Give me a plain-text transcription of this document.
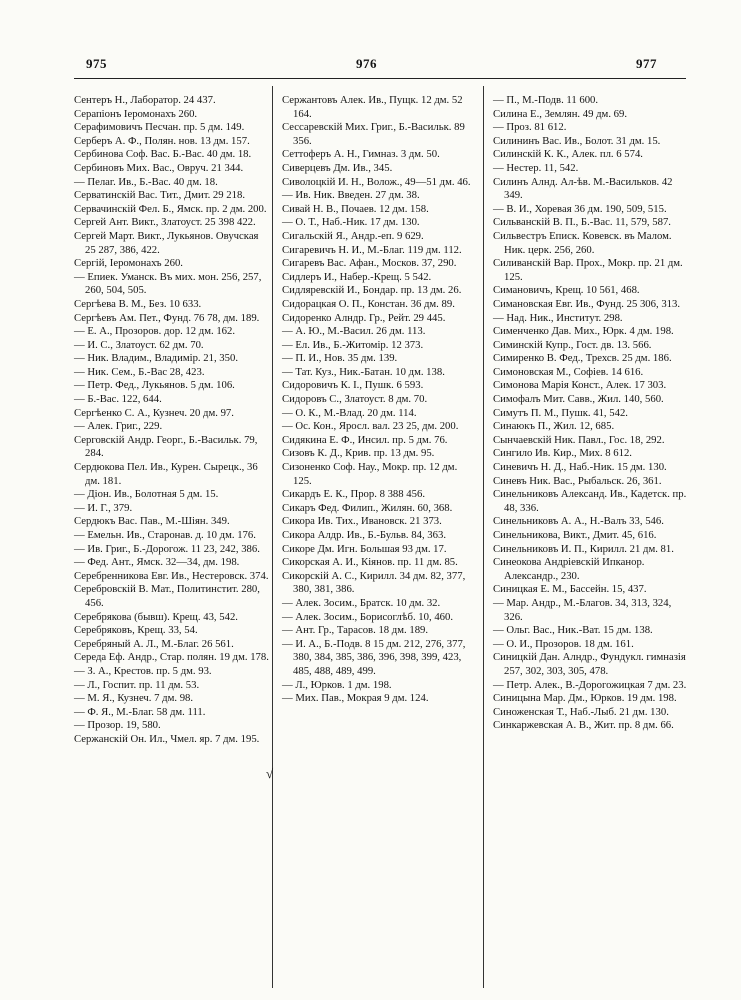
975	976	977
Сентеръ Н., Лаборатор. 24 437.
Серапіонъ Іеромонахъ 260.
Серафимовичъ Песчан. пр. 5 дм. 149.
Серберъ А. Ф., Полян. нов. 13 дм. 157.
Сербинова Соф. Вас. Б.-Вас. 40 дм. 18.
Сербиновъ Мих. Вас., Овруч. 21 344.
— Пелаг. Ив., Б.-Вас. 40 дм. 18.
Серватинскій Вас. Тит., Дмит. 29 218.
Сервачинскій Фел. Б., Ямск. пр. 2 дм. 200.
Сергей Ант. Викт., Златоуст. 25 398 422.
Сергей Март. Викт., Лукьянов. Овучская 25 287, 386, 422.
Сергій, Іеромонахъ 260.
— Епиек. Уманск. Въ мих. мон. 256, 257, 260, 504, 505.
Сергѣева В. М., Без. 10 633.
Сергѣевъ Ам. Пет., Фунд. 76 78, дм. 189.
— Е. А., Прозоров. дор. 12 дм. 162.
— И. С., Златоуст. 62 дм. 70.
— Ник. Владим., Владимір. 21, 350.
— Ник. Сем., Б.-Вас 28, 423.
— Петр. Фед., Лукьянов. 5 дм. 106.
— Б.-Вас. 122, 644.
Сергѣенко С. А., Кузнеч. 20 дм. 97.
— Алек. Григ., 229.
Серговскій Андр. Георг., Б.-Васильк. 79, 284.
Сердюкова Пел. Ив., Курен. Сырецк., 36 дм. 181.
— Діон. Ив., Болотная 5 дм. 15.
— И. Г., 379.
Сердюкъ Вас. Пав., М.-Шіян. 349.
— Емельн. Ив., Старонав. д. 10 дм. 176.
— Ив. Григ., Б.-Дорогож. 11 23, 242, 386.
— Фед. Ант., Ямск. 32—34, дм. 198.
Серебренникова Евг. Ив., Нестеровск. 374.
Серебровскій В. Мат., Политинстит. 280, 456.
Серебрякова (бывш). Крещ. 43, 542.
Серебряковъ, Крещ. 33, 54.
Серебряный А. Л., М.-Благ. 26 561.
Середа Еф. Андр., Стар. полян. 19 дм. 178.
— З. А., Крестов. пр. 5 дм. 93.
— Л., Госпит. пр. 11 дм. 53.
— М. Я., Кузнеч. 7 дм. 98.
— Ф. Я., М.-Благ. 58 дм. 111.
— Прозор. 19, 580.
Сержанскій Он. Ил., Чмел. яр. 7 дм. 195.
Сержантовъ Алек. Ив., Пущк. 12 дм. 52 164.
Сессаревскій Мих. Григ., Б.-Васильк. 89 356.
Сеттоферъ А. Н., Гимназ. 3 дм. 50.
Сиверцевъ Дм. Ив., 345.
Сиволоцкій И. Н., Волож., 49—51 дм. 46.
— Ив. Ник. Введен. 27 дм. 38.
Сивай Н. В., Почаев. 12 дм. 158.
— О. Т., Наб.-Ник. 17 дм. 130.
Сигальскій Я., Андр.-еп. 9 629.
Сигаревичъ Н. И., М.-Благ. 119 дм. 112.
Сигаревъ Вас. Афан., Москов. 37, 290.
Сидлеръ И., Набер.-Крещ. 5 542.
Сидляревскій И., Бондар. пр. 13 дм. 26.
Сидорацкая О. П., Констан. 36 дм. 89.
Сидоренко Алндр. Гр., Рейт. 29 445.
— А. Ю., М.-Васил. 26 дм. 113.
— Ел. Ив., Б.-Житомір. 12 373.
— П. И., Нов. 35 дм. 139.
— Тат. Куз., Ник.-Батан. 10 дм. 138.
Сидоровичъ К. І., Пушк. 6 593.
Сидоровъ С., Златоуст. 8 дм. 70.
— О. К., М.-Влад. 20 дм. 114.
— Ос. Кон., Яросл. вал. 23 25, дм. 200.
Сидякина Е. Ф., Инсил. пр. 5 дм. 76.
Сизовъ К. Д., Крив. пр. 13 дм. 95.
Сизоненко Соф. Нау., Мокр. пр. 12 дм. 125.
Сикардъ Е. К., Прор. 8 388 456.
Сикаръ Фед. Филип., Жилян. 60, 368.
Сикора Ив. Тих., Ивановск. 21 373.
Сикора Алдр. Ив., Б.-Бульв. 84, 363.
Сикоре Дм. Игн. Большая 93 дм. 17.
Сикорская А. И., Кіянов. пр. 11 дм. 85.
Сикорскій А. С., Кирилл. 34 дм. 82, 377, 380, 381, 386.
— Алек. Зосим., Братск. 10 дм. 32.
— Алек. Зосим., Борисоглѣб. 10, 460.
— Ант. Гр., Тарасов. 18 дм. 189.
— И. А., Б.-Подв. 8 15 дм. 212, 276, 377, 380, 384, 385, 386, 396, 398, 399, 423, 485, 488, 489, 499.
— Л., Юрков. 1 дм. 198.
— Мих. Пав., Мокрая 9 дм. 124.
— П., М.-Подв. 11 600.
Силина Е., Землян. 49 дм. 69.
— Проз. 81 612.
Силининъ Вас. Ив., Болот. 31 дм. 15.
Силинскій К. К., Алек. пл. 6 574.
— Нестер. 11, 542.
Силинъ Алнд. Ал-ѣв. М.-Васильков. 42 349.
— В. И., Хоревая 36 дм. 190, 509, 515.
Сильванскій В. П., Б.-Вас. 11, 579, 587.
Сильвестръ Еписк. Ковевск. въ Малом. Ник. церк. 256, 260.
Силиванскій Вар. Прох., Мокр. пр. 21 дм. 125.
Симановичъ, Крещ. 10 561, 468.
Симановская Евг. Ив., Фунд. 25 306, 313.
— Над. Ник., Институт. 298.
Сименченко Дав. Мих., Юрк. 4 дм. 198.
Симинскій Купр., Гост. дв. 13. 566.
Симиренко В. Фед., Трехсв. 25 дм. 186.
Симоновская М., Софіев. 14 616.
Симонова Марія Конст., Алек. 17 303.
Симофалъ Мит. Савв., Жил. 140, 560.
Симутъ П. М., Пушк. 41, 542.
Синаюкъ П., Жил. 12, 685.
Сынчаевскій Ник. Павл., Гос. 18, 292.
Сингило Ив. Кир., Мих. 8 612.
Синевичъ Н. Д., Наб.-Ник. 15 дм. 130.
Синевъ Ник. Вас., Рыбальск. 26, 361.
Синельниковъ Александ. Ив., Кадетск. пр. 48, 336.
Синельниковъ А. А., Н.-Валъ 33, 546.
Синельникова, Викт., Дмит. 45, 616.
Синельниковъ И. П., Кирилл. 21 дм. 81.
Синеокова Андріевскій Ипканор. Александр., 230.
Синицкая Е. М., Бассейн. 15, 437.
— Мар. Андр., М.-Благов. 34, 313, 324, 326.
— Ольг. Вас., Ник.-Ват. 15 дм. 138.
— О. И., Прозоров. 18 дм. 161.
Синицкій Дан. Алндр., Фундукл. гимназія 257, 302, 303, 305, 478.
— Петр. Алек., В.-Дорогожицкая 7 дм. 23.
Синицына Мар. Дм., Юрков. 19 дм. 198.
Синоженская Т., Наб.-Лыб. 21 дм. 130.
Синкаржевская А. В., Жит. пр. 8 дм. 66.
√
